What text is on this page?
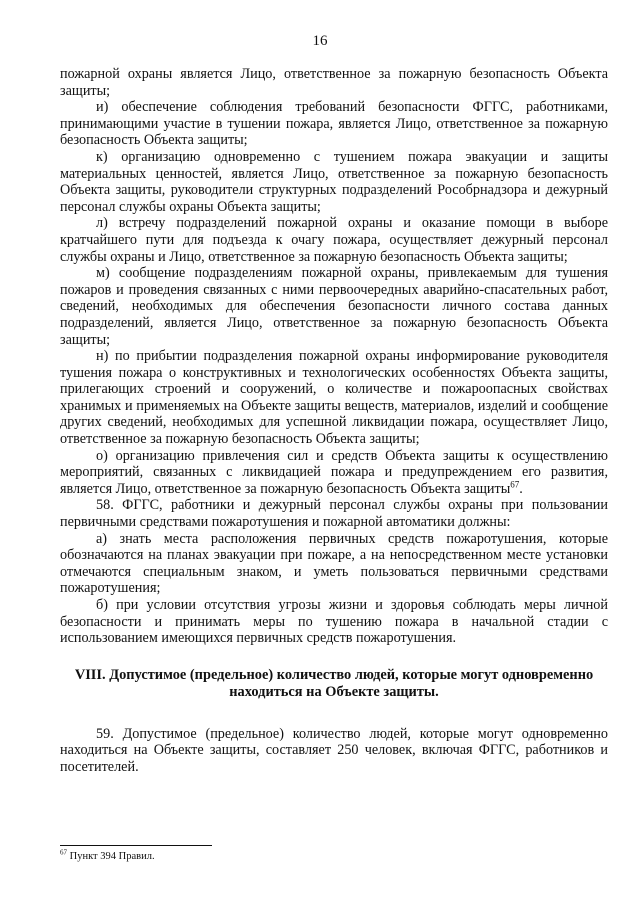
16

пожарной охраны является Лицо, ответственное за пожарную безопасность Объекта защиты;

и) обеспечение соблюдения требований безопасности ФГГС, работниками, принимающими участие в тушении пожара, является Лицо, ответственное за пожарную безопасность Объекта защиты;

к) организацию одновременно с тушением пожара эвакуации и защиты материальных ценностей, является Лицо, ответственное за пожарную безопасность Объекта защиты, руководители структурных подразделений Рособрнадзора и дежурный персонал службы охраны Объекта защиты;

л) встречу подразделений пожарной охраны и оказание помощи в выборе кратчайшего пути для подъезда к очагу пожара, осуществляет дежурный персонал службы охраны и Лицо, ответственное за пожарную безопасность Объекта защиты;

м) сообщение подразделениям пожарной охраны, привлекаемым для тушения пожаров и проведения связанных с ними первоочередных аварийно-спасательных работ, сведений, необходимых для обеспечения безопасности личного состава данных подразделений, является Лицо, ответственное за пожарную безопасность Объекта защиты;

н) по прибытии подразделения пожарной охраны информирование руководителя тушения пожара о конструктивных и технологических особенностях Объекта защиты, прилегающих строений и сооружений, о количестве и пожароопасных свойствах хранимых и применяемых на Объекте защиты веществ, материалов, изделий и сообщение других сведений, необходимых для успешной ликвидации пожара, осуществляет Лицо, ответственное за пожарную безопасность Объекта защиты;

о) организацию привлечения сил и средств Объекта защиты к осуществлению мероприятий, связанных с ликвидацией пожара и предупреждением его развития, является Лицо, ответственное за пожарную безопасность Объекта защиты$^{67}$.

58. ФГГС, работники и дежурный персонал службы охраны при пользовании первичными средствами пожаротушения и пожарной автоматики должны:

а) знать места расположения первичных средств пожаротушения, которые обозначаются на планах эвакуации при пожаре, а на непосредственном месте установки отмечаются специальным знаком, и уметь пользоваться первичными средствами пожаротушения;

б) при условии отсутствия угрозы жизни и здоровья соблюдать меры личной безопасности и принимать меры по тушению пожара в начальной стадии с использованием имеющихся первичных средств пожаротушения.

VIII. Допустимое (предельное) количество людей, которые могут одновременно
находиться на Объекте защиты.

59. Допустимое (предельное) количество людей, которые могут одновременно находиться на Объекте защиты, составляет 250 человек, включая ФГГС, работников и посетителей.

$^{67}$ Пункт 394 Правил.
